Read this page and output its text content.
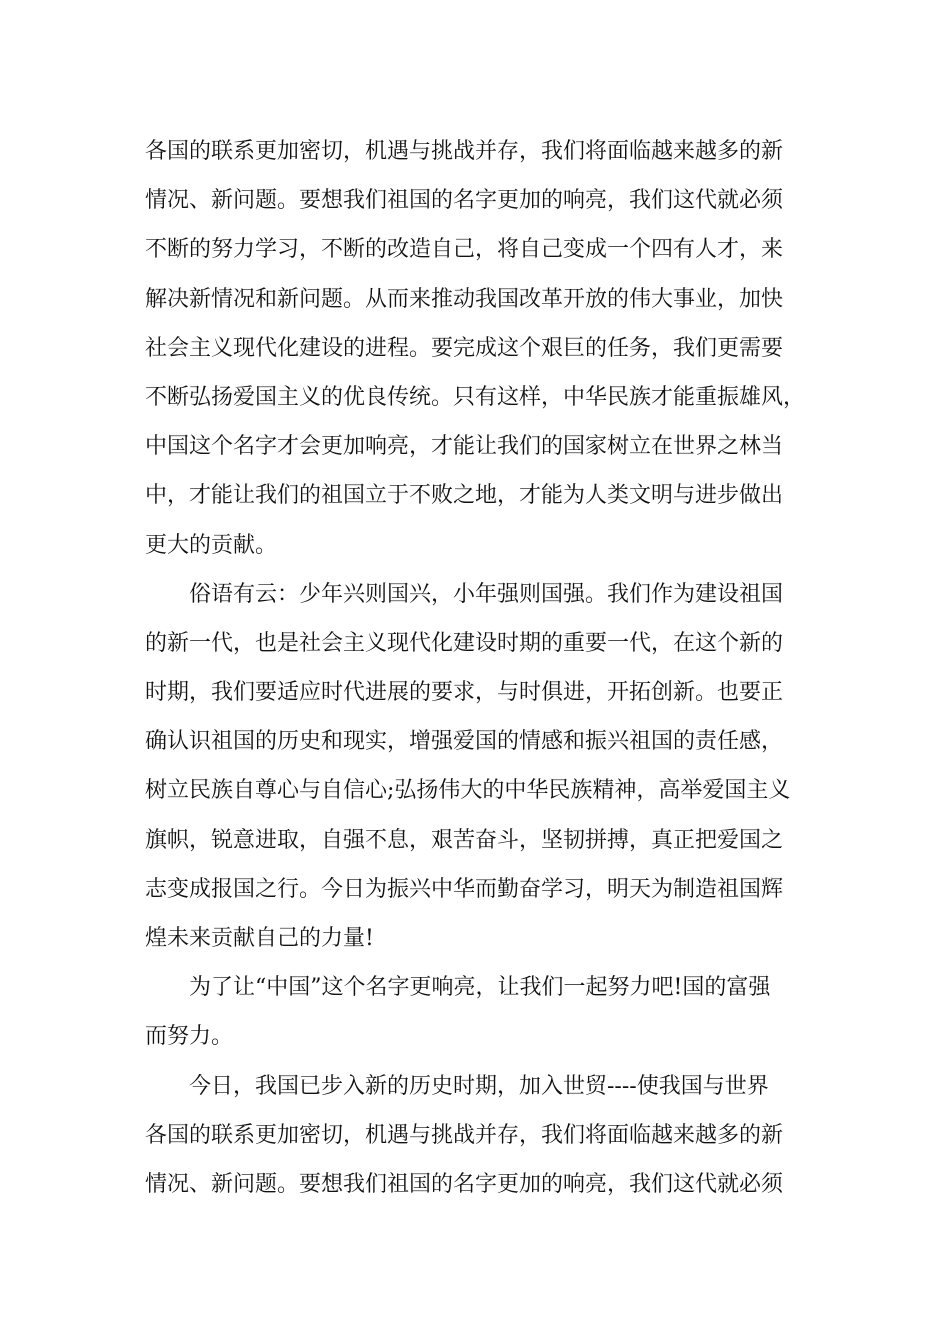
各国的联系更加密切，机遇与挑战并存，我们将面临越来越多的新
情况、新问题。要想我们祖国的名字更加的响亮，我们这代就必须
不断的努力学习，不断的改造自己，将自己变成一个四有人才，来
解决新情况和新问题。从而来推动我国改革开放的伟大事业，加快
社会主义现代化建设的进程。要完成这个艰巨的任务，我们更需要
不断弘扬爱国主义的优良传统。只有这样，中华民族才能重振雄风，
中国这个名字才会更加响亮，才能让我们的国家树立在世界之林当
中，才能让我们的祖国立于不败之地，才能为人类文明与进步做出
更大的贡献。
俗语有云：少年兴则国兴，小年强则国强。我们作为建设祖国
的新一代，也是社会主义现代化建设时期的重要一代，在这个新的
时期，我们要适应时代进展的要求，与时俱进，开拓创新。也要正
确认识祖国的历史和现实，增强爱国的情感和振兴祖国的责任感，
树立民族自尊心与自信心;弘扬伟大的中华民族精神，高举爱国主义
旗帜，锐意进取，自强不息，艰苦奋斗，坚韧拼搏，真正把爱国之
志变成报国之行。今日为振兴中华而勤奋学习，明天为制造祖国辉
煌未来贡献自己的力量!
为了让“中国”这个名字更响亮，让我们一起努力吧!国的富强
而努力。
今日，我国已步入新的历史时期，加入世贸----使我国与世界
各国的联系更加密切，机遇与挑战并存，我们将面临越来越多的新
情况、新问题。要想我们祖国的名字更加的响亮，我们这代就必须
